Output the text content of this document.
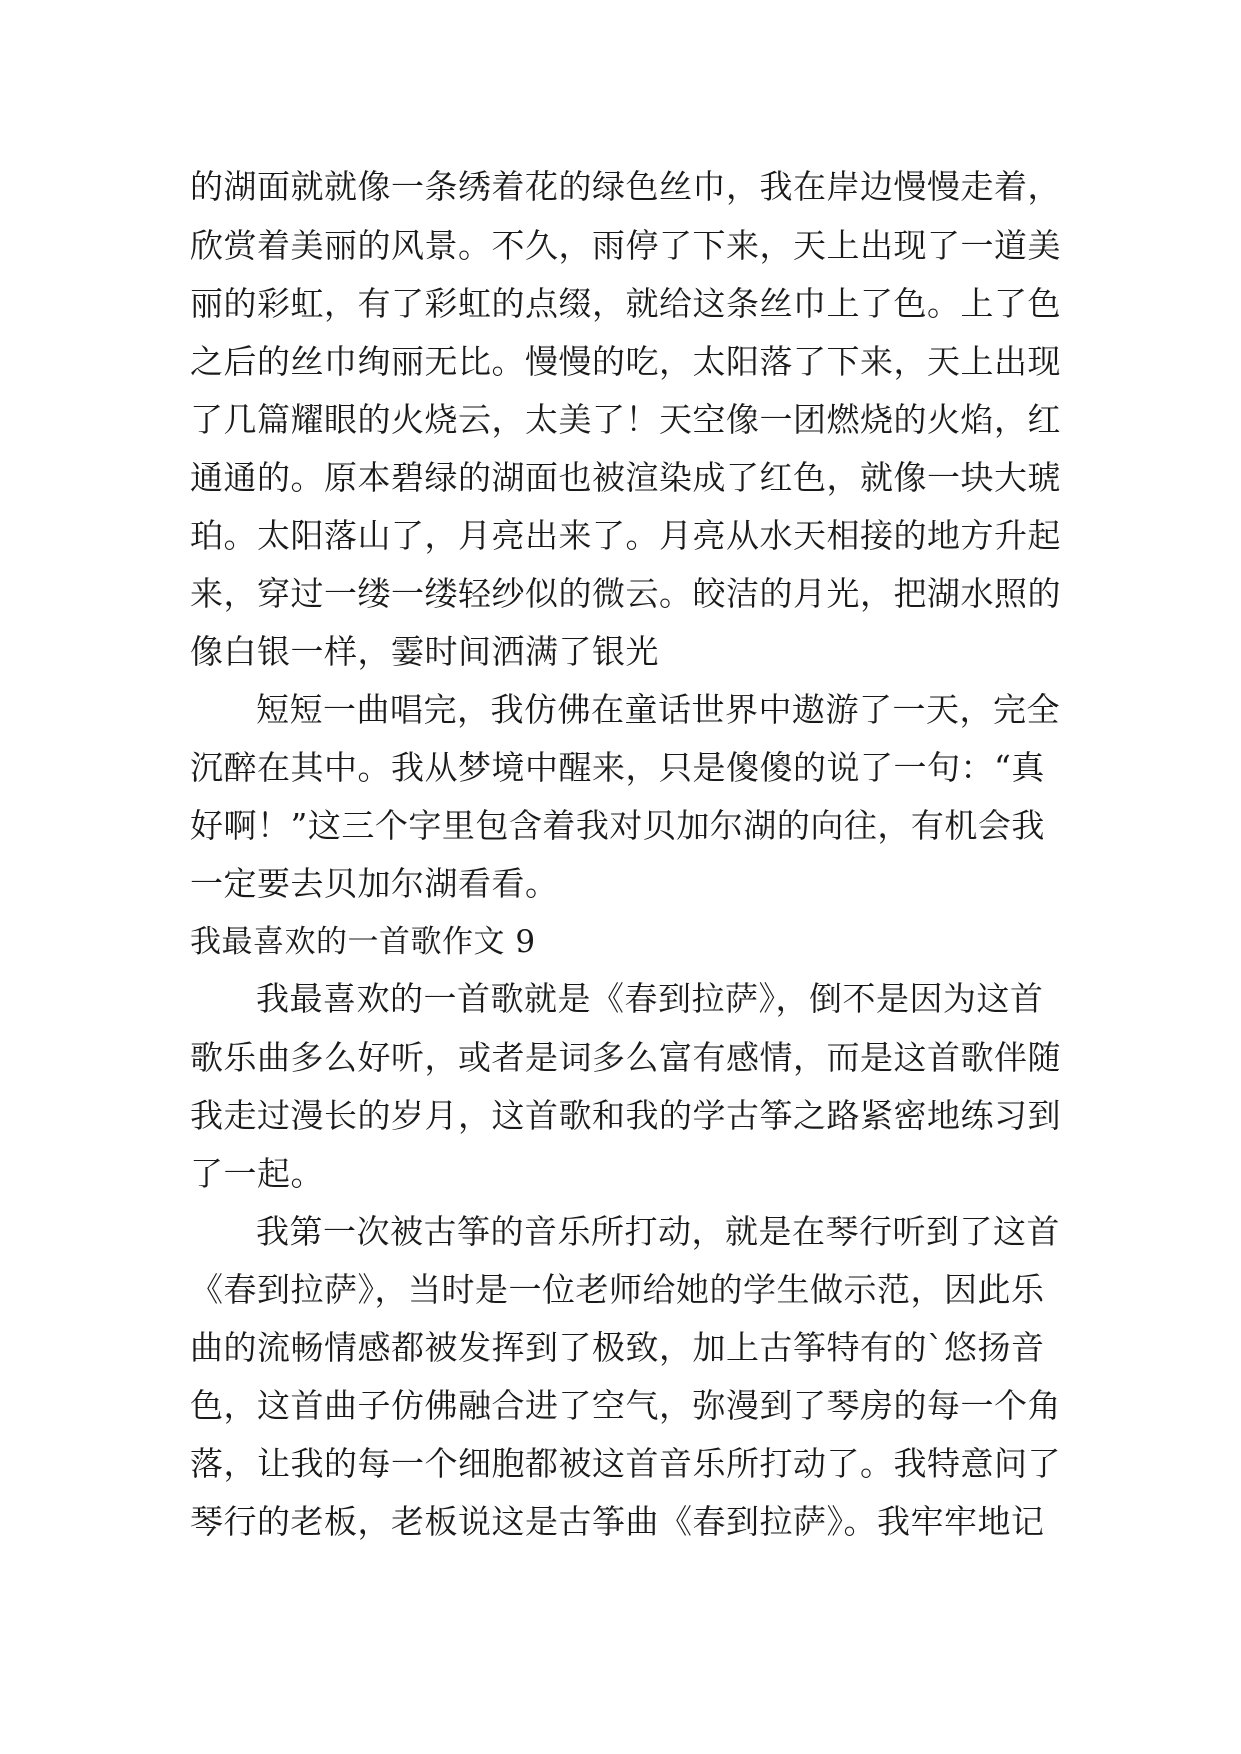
的湖面就就像一条绣着花的绿色丝巾，我在岸边慢慢走着，
欣赏着美丽的风景。不久，雨停了下来，天上出现了一道美
丽的彩虹，有了彩虹的点缀，就给这条丝巾上了色。上了色
之后的丝巾绚丽无比。慢慢的吃，太阳落了下来，天上出现
了几篇耀眼的火烧云，太美了！天空像一团燃烧的火焰，红
通通的。原本碧绿的湖面也被渲染成了红色，就像一块大琥
珀。太阳落山了，月亮出来了。月亮从水天相接的地方升起
来，穿过一缕一缕轻纱似的微云。皎洁的月光，把湖水照的
像白银一样，霎时间洒满了银光
短短一曲唱完，我仿佛在童话世界中遨游了一天，完全
沉醉在其中。我从梦境中醒来，只是傻傻的说了一句：“真
好啊！”这三个字里包含着我对贝加尔湖的向往，有机会我
一定要去贝加尔湖看看。
我最喜欢的一首歌作文 9
我最喜欢的一首歌就是《春到拉萨》，倒不是因为这首
歌乐曲多么好听，或者是词多么富有感情，而是这首歌伴随
我走过漫长的岁月，这首歌和我的学古筝之路紧密地练习到
了一起。
我第一次被古筝的音乐所打动，就是在琴行听到了这首
《春到拉萨》，当时是一位老师给她的学生做示范，因此乐
曲的流畅情感都被发挥到了极致，加上古筝特有的`悠扬音
色，这首曲子仿佛融合进了空气，弥漫到了琴房的每一个角
落，让我的每一个细胞都被这首音乐所打动了。我特意问了
琴行的老板，老板说这是古筝曲《春到拉萨》。我牢牢地记
